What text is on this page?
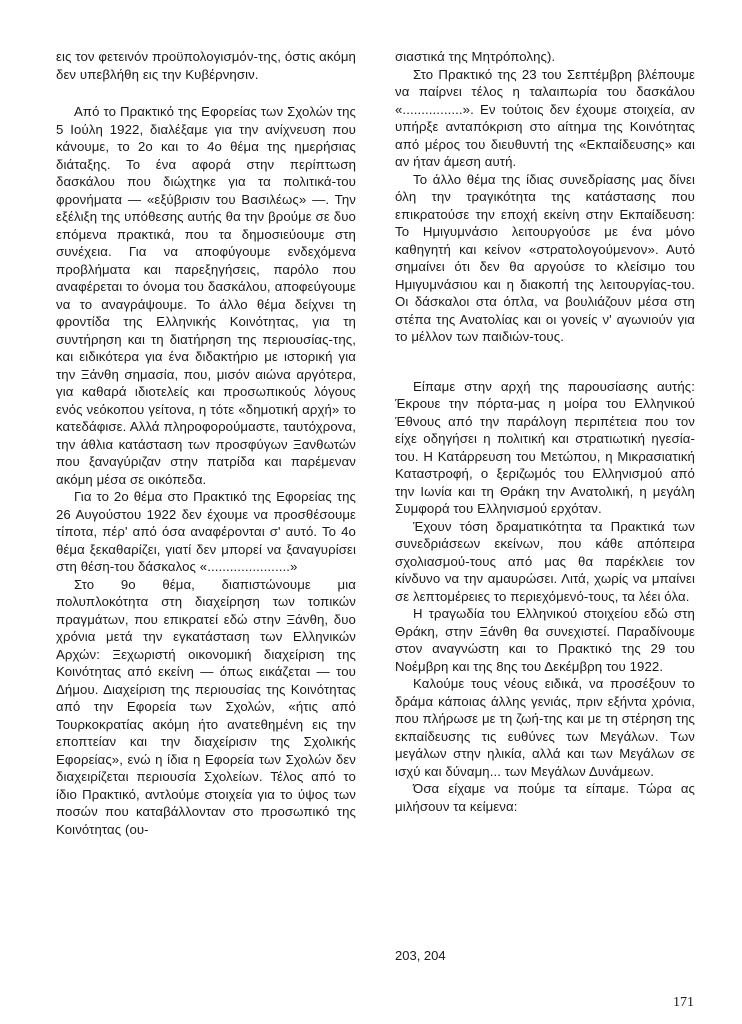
εις τον φετεινόν προϋπολογισμόν-της, όστις ακόμη δεν υπεβλήθη εις την Κυβέρνησιν.

Από το Πρακτικό της Εφορείας των Σχολών της 5 Ιούλη 1922, διαλέξαμε για την ανίχνευση που κάνουμε, το 2ο και το 4ο θέμα της ημερήσιας διάταξης. Το ένα αφορά στην περίπτωση δασκάλου που διώχτηκε για τα πολιτικά-του φρονήματα — «εξύβρισιν του Βασιλέως» —. Την εξέλιξη της υπόθεσης αυτής θα την βρούμε σε δυο επόμενα πρακτικά, που τα δημοσιεύουμε στη συνέχεια. Για να αποφύγουμε ενδεχόμενα προβλήματα και παρεξηγήσεις, παρόλο που αναφέρεται το όνομα του δασκάλου, αποφεύγουμε να το αναγράψουμε. Το άλλο θέμα δείχνει τη φροντίδα της Ελληνικής Κοινότητας, για τη συντήρηση και τη διατήρηση της περιουσίας-της, και ειδικότερα για ένα διδακτήριο με ιστορική για την Ξάνθη σημασία, που, μισόν αιώνα αργότερα, για καθαρά ιδιοτελείς και προσωπικούς λόγους ενός νεόκοπου γείτονα, η τότε «δημοτική αρχή» το κατεδάφισε. Αλλά πληροφορούμαστε, ταυτόχρονα, την άθλια κατάσταση των προσφύγων Ξανθωτών που ξαναγύριζαν στην πατρίδα και παρέμεναν ακόμη μέσα σε οικόπεδα.

Για το 2ο θέμα στο Πρακτικό της Εφορείας της 26 Αυγούστου 1922 δεν έχουμε να προσθέσουμε τίποτα, πέρ' από όσα αναφέρονται σ' αυτό. Το 4ο θέμα ξεκαθαρίζει, γιατί δεν μπορεί να ξαναγυρίσει στη θέση-του δάσκαλος «......................»

Στο 9ο θέμα, διαπιστώνουμε μια πολυπλοκότητα στη διαχείρηση των τοπικών πραγμάτων, που επικρατεί εδώ στην Ξάνθη, δυο χρόνια μετά την εγκατάσταση των Ελληνικών Αρχών: Ξεχωριστή οικονομική διαχείριση της Κοινότητας από εκείνη — όπως εικάζεται — του Δήμου. Διαχείριση της περιουσίας της Κοινότητας από την Εφορεία των Σχολών, «ήτις από Τουρκοκρατίας ακόμη ήτο ανατεθημένη εις την εποπτείαν και την διαχείρισιν της Σχολικής Εφορείας», ενώ η ίδια η Εφορεία των Σχολών δεν διαχειρίζεται περιουσία Σχολείων. Τέλος από το ίδιο Πρακτικό, αντλούμε στοιχεία για το ύψος των ποσών που καταβάλλονταν στο προσωπικό της Κοινότητας (ου-

σιαστικά της Μητρόπολης).

Στο Πρακτικό της 23 του Σεπτέμβρη βλέπουμε να παίρνει τέλος η ταλαιπωρία του δασκάλου «................». Εν τούτοις δεν έχουμε στοιχεία, αν υπήρξε ανταπόκριση στο αίτημα της Κοινότητας από μέρος του διευθυντή της «Εκπαίδευσης» και αν ήταν άμεση αυτή.

Το άλλο θέμα της ίδιας συνεδρίασης μας δίνει όλη την τραγικότητα της κατάστασης που επικρατούσε την εποχή εκείνη στην Εκπαίδευση: Το Ημιγυμνάσιο λειτουργούσε με ένα μόνο καθηγητή και κείνον «στρατολογούμενον». Αυτό σημαίνει ότι δεν θα αργούσε το κλείσιμο του Ημιγυμνάσιου και η διακοπή της λειτουργίας-του. Οι δάσκαλοι στα όπλα, να βουλιάζουν μέσα στη στέπα της Ανατολίας και οι γονείς ν' αγωνιούν για το μέλλον των παιδιών-τους.

Είπαμε στην αρχή της παρουσίασης αυτής: Έκρουε την πόρτα-μας η μοίρα του Ελληνικού Έθνους από την παράλογη περιπέτεια που τον είχε οδηγήσει η πολιτική και στρατιωτική ηγεσία-του. Η Κατάρρευση του Μετώπου, η Μικρασιατική Καταστροφή, ο ξεριζωμός του Ελληνισμού από την Ιωνία και τη Θράκη την Ανατολική, η μεγάλη Συμφορά του Ελληνισμού ερχόταν.

Έχουν τόση δραματικότητα τα Πρακτικά των συνεδριάσεων εκείνων, που κάθε απόπειρα σχολιασμού-τους από μας θα παρέκλειε τον κίνδυνο να την αμαυρώσει. Λιτά, χωρίς να μπαίνει σε λεπτομέρειες το περιεχόμενό-τους, τα λέει όλα.

Η τραγωδία του Ελληνικού στοιχείου εδώ στη Θράκη, στην Ξάνθη θα συνεχιστεί. Παραδίνουμε στον αναγνώστη και το Πρακτικό της 29 του Νοέμβρη και της 8ης του Δεκέμβρη του 1922.

Καλούμε τους νέους ειδικά, να προσέξουν το δράμα κάποιας άλλης γενιάς, πριν εξήντα χρόνια, που πλήρωσε με τη ζωή-της και με τη στέρηση της εκπαίδευσης τις ευθύνες των Μεγάλων. Των μεγάλων στην ηλικία, αλλά και των Μεγάλων σε ισχύ και δύναμη... των Μεγάλων Δυνάμεων.

Όσα είχαμε να πούμε τα είπαμε. Τώρα ας μιλήσουν τα κείμενα:

203, 204
171
